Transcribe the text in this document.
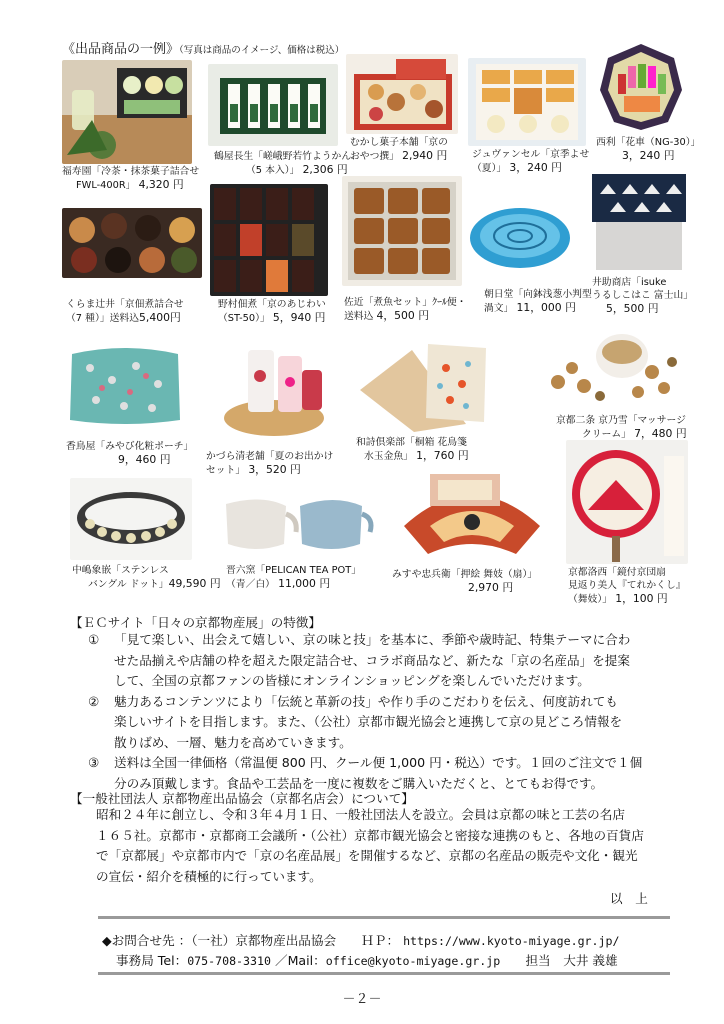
《出品商品の一例》（写真は商品のイメージ、価格は税込）
福寿園「冷茶・抹茶菓子詰合せ
FWL-400R」 4,320 円
鶴屋長生「嵯峨野若竹ようかん
（5 本入）」 2,306 円
むかし菓子本舗「京の
おやつ撰」 2,940 円	ジュヴァンセル「京季よせ
（夏）」 3，240 円
西利「花車（NG-30）」
3，240 円
くらま辻井「京佃煮詰合せ
（7 種）」送料込5,400円
野村佃煮「京のあじわい
（ST-50）」 5，940 円
佐近「煮魚セット」ｸｰﾙ便・
送料込 4，500 円
朝日堂「向鉢浅葱小判型
渦文」 11，000 円
井助商店「isuke
うるしこはこ 富士山」
5，500 円
香鳥屋「みやび化粧ポーチ」
9，460 円	かづら清老舗「夏のお出かけ
セット」 3，520 円
和詩倶楽部「桐箱 花鳥箋
水玉金魚」 1，760 円
京都二条 京乃雪「マッサージ
クリーム」 7，480 円
中嶋象嵌「ステンレス
バングル ドット」49,590 円
晋六窯「PELICAN TEA POT」
（青／白） 11,000 円
みすや忠兵衛「押絵 舞妓（扇）」
2,970 円
京都洛西「鏡付京団扇
見返り美人『てれかくし』
（舞妓）」 1，100 円
【ＥＣサイト「日々の京都物産展」の特徴】
① 「見て楽しい、出会えて嬉しい、京の味と技」を基本に、季節や歳時記、特集テーマに合わ
せた品揃えや店舗の枠を超えた限定詰合せ、コラボ商品など、新たな「京の名産品」を提案
して、全国の京都ファンの皆様にオンラインショッピングを楽しんでいただけます。
② 魅力あるコンテンツにより「伝統と革新の技」や作り手のこだわりを伝え、何度訪れても
楽しいサイトを目指します。また、（公社）京都市観光協会と連携して京の見どころ情報を
散りばめ、一層、魅力を高めていきます。
③ 送料は全国一律価格（常温便 800 円、クール便 1,000 円・税込）です。１回のご注文で１個
分のみ頂戴します。食品や工芸品を一度に複数をご購入いただくと、とてもお得です。
【一般社団法人 京都物産出品協会（京都名店会）について】
昭和２４年に創立し、令和３年４月１日、一般社団法人を設立。会員は京都の味と工芸の名店
１６５社。京都市・京都商工会議所・（公社）京都市観光協会と密接な連携のもと、各地の百貨店
で「京都展」や京都市内で「京の名産品展」を開催するなど、京都の名産品の販売や文化・観光
の宣伝・紹介を積極的に行っています。
以　上
◆お問合せ先 ：（一社）京都物産出品協会　　 ＨＰ： https://www.kyoto-miyage.gr.jp/
事務局 Tel：075-708-3310 ／Mail：office@kyoto-miyage.gr.jp　　 担当　大井 義雄
－２－
